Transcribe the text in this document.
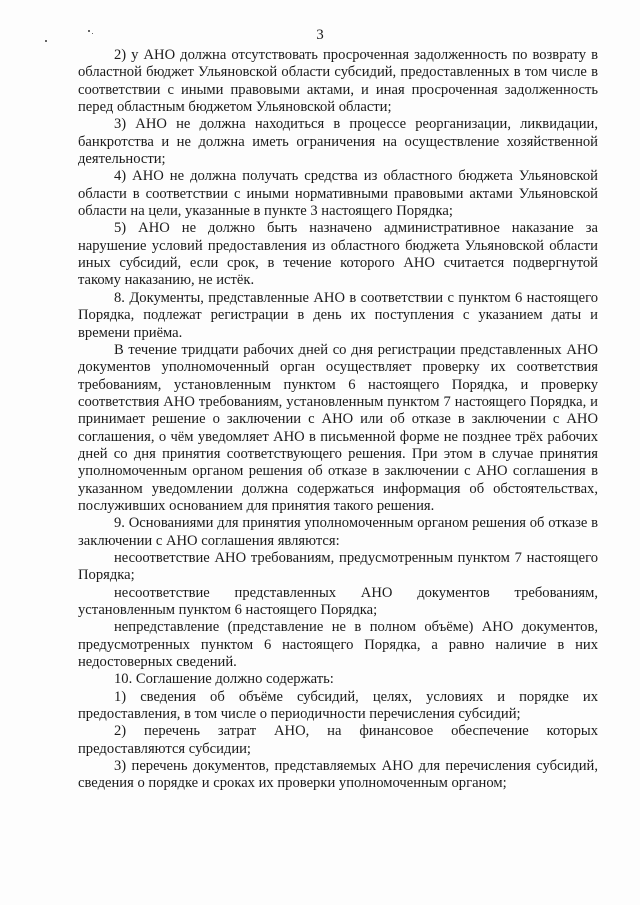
3

2) у АНО должна отсутствовать просроченная задолженность по возврату в областной бюджет Ульяновской области субсидий, предоставленных в том числе в соответствии с иными правовыми актами, и иная просроченная задолженность перед областным бюджетом Ульяновской области;

3) АНО не должна находиться в процессе реорганизации, ликвидации, банкротства и не должна иметь ограничения на осуществление хозяйственной деятельности;

4) АНО не должна получать средства из областного бюджета Ульяновской области в соответствии с иными нормативными правовыми актами Ульяновской области на цели, указанные в пункте 3 настоящего Порядка;

5) АНО не должно быть назначено административное наказание за нарушение условий предоставления из областного бюджета Ульяновской области иных субсидий, если срок, в течение которого АНО считается подвергнутой такому наказанию, не истёк.

8. Документы, представленные АНО в соответствии с пунктом 6 настоящего Порядка, подлежат регистрации в день их поступления с указанием даты и времени приёма.

В течение тридцати рабочих дней со дня регистрации представленных АНО документов уполномоченный орган осуществляет проверку их соответствия требованиям, установленным пунктом 6 настоящего Порядка, и проверку соответствия АНО требованиям, установленным пунктом 7 настоящего Порядка, и принимает решение о заключении с АНО или об отказе в заключении с АНО соглашения, о чём уведомляет АНО в письменной форме не позднее трёх рабочих дней со дня принятия соответствующего решения. При этом в случае принятия уполномоченным органом решения об отказе в заключении с АНО соглашения в указанном уведомлении должна содержаться информация об обстоятельствах, послуживших основанием для принятия такого решения.

9. Основаниями для принятия уполномоченным органом решения об отказе в заключении с АНО соглашения являются:

несоответствие АНО требованиям, предусмотренным пунктом 7 настоящего Порядка;

несоответствие представленных АНО документов требованиям, установленным пунктом 6 настоящего Порядка;

непредставление (представление не в полном объёме) АНО документов, предусмотренных пунктом 6 настоящего Порядка, а равно наличие в них недостоверных сведений.

10. Соглашение должно содержать:

1) сведения об объёме субсидий, целях, условиях и порядке их предоставления, в том числе о периодичности перечисления субсидий;

2) перечень затрат АНО, на финансовое обеспечение которых предоставляются субсидии;

3) перечень документов, представляемых АНО для перечисления субсидий, сведения о порядке и сроках их проверки уполномоченным органом;
